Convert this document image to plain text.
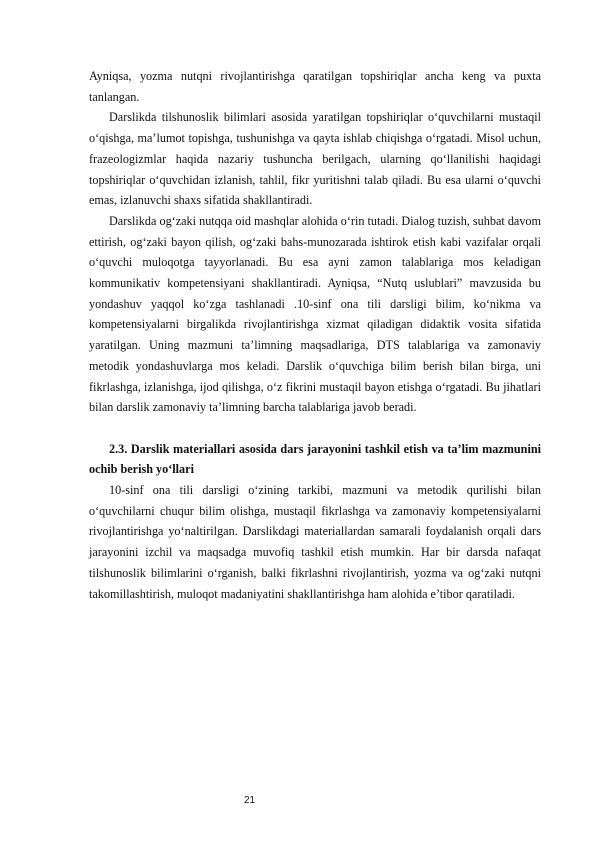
Ayniqsa, yozma nutqni rivojlantirishga qaratilgan topshiriqlar ancha keng va puxta tanlangan.

Darslikda tilshunoslik bilimlari asosida yaratilgan topshiriqlar o‘quvchilarni mustaqil o‘qishga, ma’lumot topishga, tushunishga va qayta ishlab chiqishga o‘rgatadi. Misol uchun, frazeologizmlar haqida nazariy tushuncha berilgach, ularning qo‘llanilishi haqidagi topshiriqlar o‘quvchidan izlanish, tahlil, fikr yuritishni talab qiladi. Bu esa ularni o‘quvchi emas, izlanuvchi shaxs sifatida shakllantiradi.

Darslikda og‘zaki nutqqa oid mashqlar alohida o‘rin tutadi. Dialog tuzish, suhbat davom ettirish, og‘zaki bayon qilish, og‘zaki bahs-munozarada ishtirok etish kabi vazifalar orqali o‘quvchi muloqotga tayyorlanadi. Bu esa ayni zamon talablariga mos keladigan kommunikativ kompetensiyani shakllantiradi. Ayniqsa, “Nutq uslublari” mavzusida bu yondashuv yaqqol ko‘zga tashlanadi .10-sinf ona tili darsligi bilim, ko‘nikma va kompetensiyalarni birgalikda rivojlantirishga xizmat qiladigan didaktik vosita sifatida yaratilgan. Uning mazmuni ta’limning maqsadlariga, DTS talablariga va zamonaviy metodik yondashuvlarga mos keladi. Darslik o‘quvchiga bilim berish bilan birga, uni fikrlashga, izlanishga, ijod qilishga, o‘z fikrini mustaqil bayon etishga o‘rgatadi. Bu jihatlari bilan darslik zamonaviy ta’limning barcha talablariga javob beradi.

2.3. Darslik materiallari asosida dars jarayonini tashkil etish va ta’lim mazmunini ochib berish yo‘llari

10-sinf ona tili darsligi o‘zining tarkibi, mazmuni va metodik qurilishi bilan o‘quvchilarni chuqur bilim olishga, mustaqil fikrlashga va zamonaviy kompetensiyalarni rivojlantirishga yo‘naltirilgan. Darslikdagi materiallardan samarali foydalanish orqali dars jarayonini izchil va maqsadga muvofiq tashkil etish mumkin. Har bir darsda nafaqat tilshunoslik bilimlarini o‘rganish, balki fikrlashni rivojlantirish, yozma va og‘zaki nutqni takomillashtirish, muloqot madaniyatini shakllantirishga ham alohida e’tibor qaratiladi.

21
